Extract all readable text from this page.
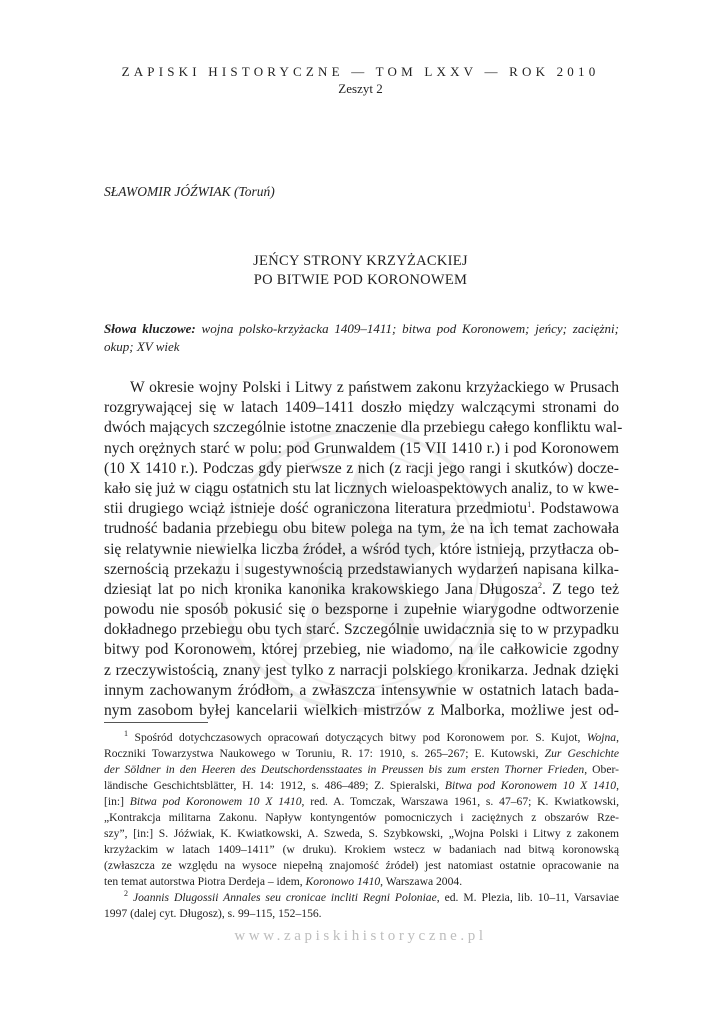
ZAPISKI HISTORYCZNE — TOM LXXV — ROK 2010
Zeszyt 2
SŁAWOMIR JÓŹWIAK (Toruń)
JEŃCY STRONY KRZYŻACKIEJ
PO BITWIE POD KORONOWEM
Słowa kluczowe: wojna polsko-krzyżacka 1409–1411; bitwa pod Koronowem; jeńcy; zaciężni; okup; XV wiek
W okresie wojny Polski i Litwy z państwem zakonu krzyżackiego w Prusach
rozgrywającej się w latach 1409–1411 doszło między walczącymi stronami do
dwóch mających szczególnie istotne znaczenie dla przebiegu całego konfliktu wal-
nych orężnych starć w polu: pod Grunwaldem (15 VII 1410 r.) i pod Koronowem
(10 X 1410 r.). Podczas gdy pierwsze z nich (z racji jego rangi i skutków) docze-
kało się już w ciągu ostatnich stu lat licznych wieloaspektowych analiz, to w kwe-
stii drugiego wciąż istnieje dość ograniczona literatura przedmiotu$^1$. Podstawowa
trudność badania przebiegu obu bitew polega na tym, że na ich temat zachowała
się relatywnie niewielka liczba źródeł, a wśród tych, które istnieją, przytłacza ob-
szernością przekazu i sugestywnością przedstawianych wydarzeń napisana kilka-
dziesiąt lat po nich kronika kanonika krakowskiego Jana Długosza$^2$. Z tego też
powodu nie sposób pokusić się o bezsporne i zupełnie wiarygodne odtworzenie
dokładnego przebiegu obu tych starć. Szczególnie uwidacznia się to w przypadku
bitwy pod Koronowem, której przebieg, nie wiadomo, na ile całkowicie zgodny
z rzeczywistością, znany jest tylko z narracji polskiego kronikarza. Jednak dzięki
innym zachowanym źródłom, a zwłaszcza intensywnie w ostatnich latach bada-
nym zasobom byłej kancelarii wielkich mistrzów z Malborka, możliwe jest od-
$^1$ Spośród dotychczasowych opracowań dotyczących bitwy pod Koronowem por. S. Kujot, Wojna,
Roczniki Towarzystwa Naukowego w Toruniu, R. 17: 1910, s. 265–267; E. Kutowski, Zur Geschichte
der Söldner in den Heeren des Deutschordensstaates in Preussen bis zum ersten Thorner Frieden, Ober-
ländische Geschichtsblätter, H. 14: 1912, s. 486–489; Z. Spieralski, Bitwa pod Koronowem 10 X 1410,
[in:] Bitwa pod Koronowem 10 X 1410, red. A. Tomczak, Warszawa 1961, s. 47–67; K. Kwiatkowski,
„Kontrakcja militarna Zakonu. Napływ kontyngentów pomocniczych i zaciężnych z obszarów Rze-
szy”, [in:] S. Jóźwiak, K. Kwiatkowski, A. Szweda, S. Szybkowski, „Wojna Polski i Litwy z zakonem
krzyżackim w latach 1409–1411” (w druku). Krokiem wstecz w badaniach nad bitwą koronowską
(zwłaszcza ze względu na wysoce niepełną znajomość źródeł) jest natomiast ostatnie opracowanie na
ten temat autorstwa Piotra Derdeja – idem, Koronowo 1410, Warszawa 2004.
$^2$ Joannis Dlugossii Annales seu cronicae incliti Regni Poloniae, ed. M. Plezia, lib. 10–11, Varsaviae
1997 (dalej cyt. Długosz), s. 99–115, 152–156.
www.zapiskihistoryczne.pl
